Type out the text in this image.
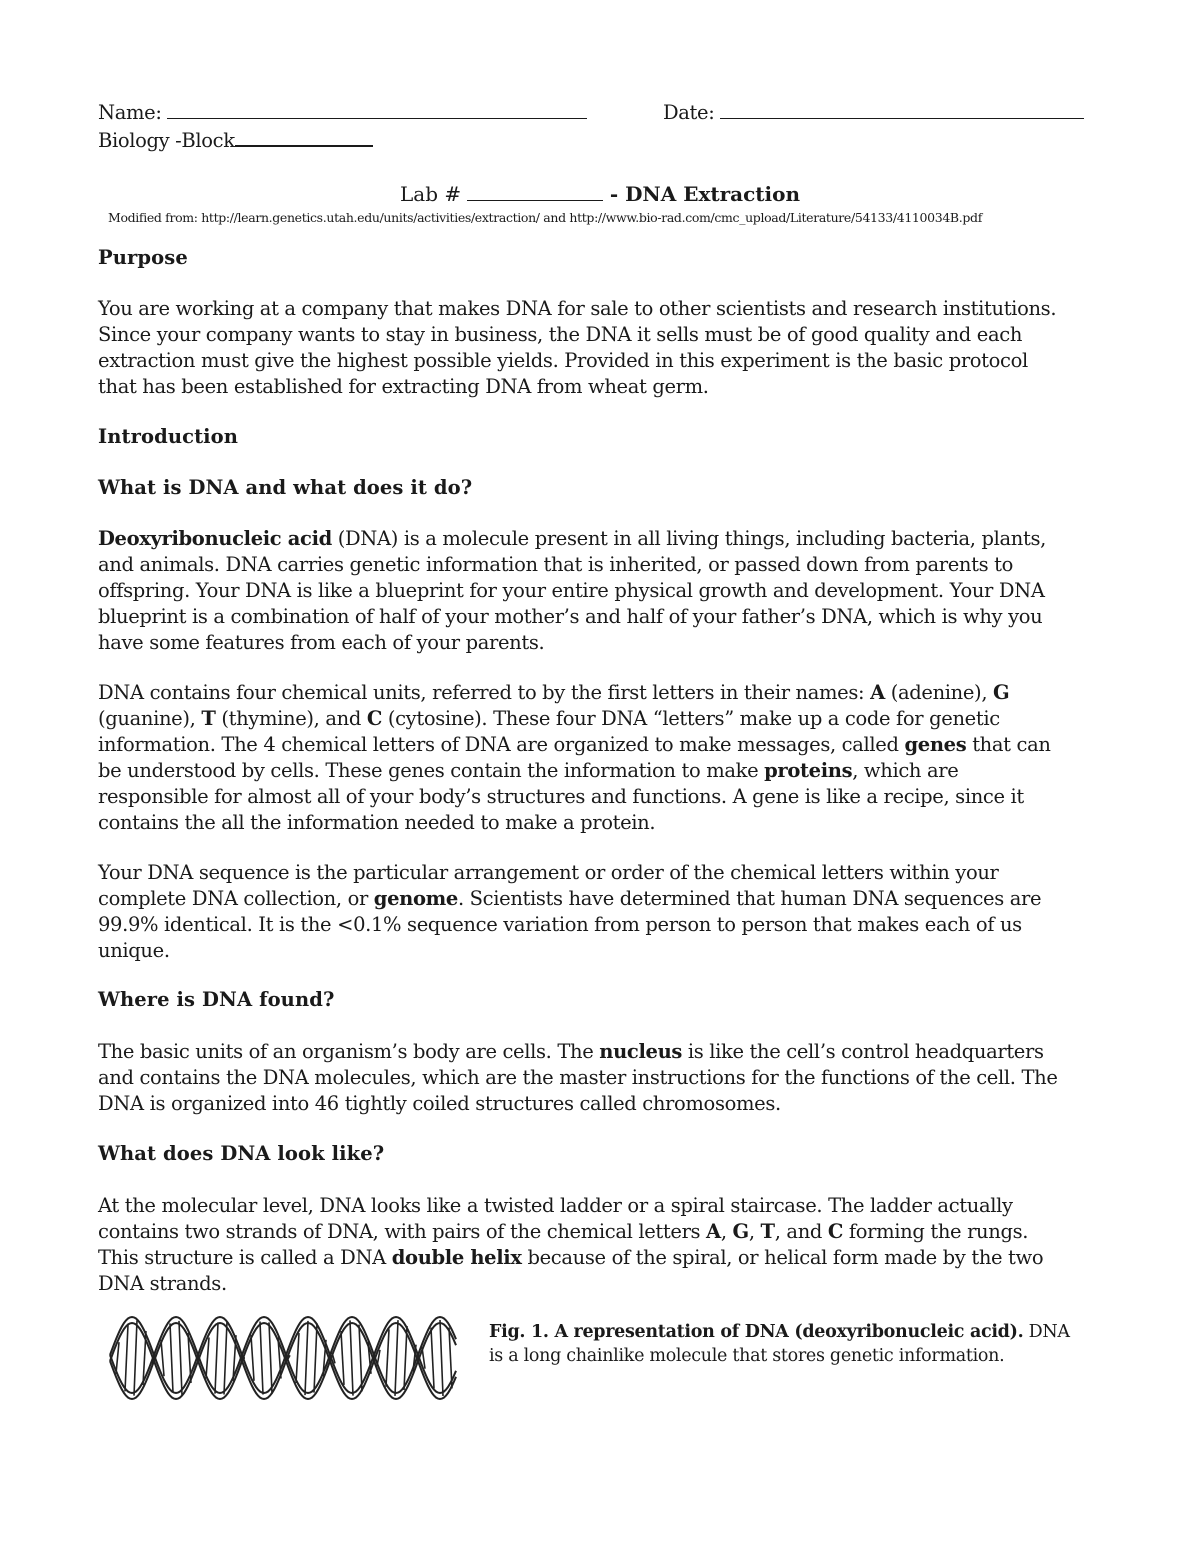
Name:	Date:
Biology -Block
Lab #	- DNA Extraction
Modified from: http://learn.genetics.utah.edu/units/activities/extraction/ and http://www.bio-rad.com/cmc_upload/Literature/54133/4110034B.pdf
Purpose
You are working at a company that makes DNA for sale to other scientists and research institutions.
Since your company wants to stay in business, the DNA it sells must be of good quality and each
extraction must give the highest possible yields. Provided in this experiment is the basic protocol
that has been established for extracting DNA from wheat germ.
Introduction
What is DNA and what does it do?
Deoxyribonucleic acid (DNA) is a molecule present in all living things, including bacteria, plants,
and animals. DNA carries genetic information that is inherited, or passed down from parents to
offspring. Your DNA is like a blueprint for your entire physical growth and development. Your DNA
blueprint is a combination of half of your mother’s and half of your father’s DNA, which is why you
have some features from each of your parents.
DNA contains four chemical units, referred to by the first letters in their names: A (adenine), G
(guanine), T (thymine), and C (cytosine). These four DNA “letters” make up a code for genetic
information. The 4 chemical letters of DNA are organized to make messages, called genes that can
be understood by cells. These genes contain the information to make proteins, which are
responsible for almost all of your body’s structures and functions. A gene is like a recipe, since it
contains the all the information needed to make a protein.
Your DNA sequence is the particular arrangement or order of the chemical letters within your
complete DNA collection, or genome. Scientists have determined that human DNA sequences are
99.9% identical. It is the <0.1% sequence variation from person to person that makes each of us
unique.
Where is DNA found?
The basic units of an organism’s body are cells. The nucleus is like the cell’s control headquarters
and contains the DNA molecules, which are the master instructions for the functions of the cell. The
DNA is organized into 46 tightly coiled structures called chromosomes.
What does DNA look like?
At the molecular level, DNA looks like a twisted ladder or a spiral staircase. The ladder actually
contains two strands of DNA, with pairs of the chemical letters A, G, T, and C forming the rungs.
This structure is called a DNA double helix because of the spiral, or helical form made by the two
DNA strands.
Fig. 1. A representation of DNA (deoxyribonucleic acid). DNA
is a long chainlike molecule that stores genetic information.
